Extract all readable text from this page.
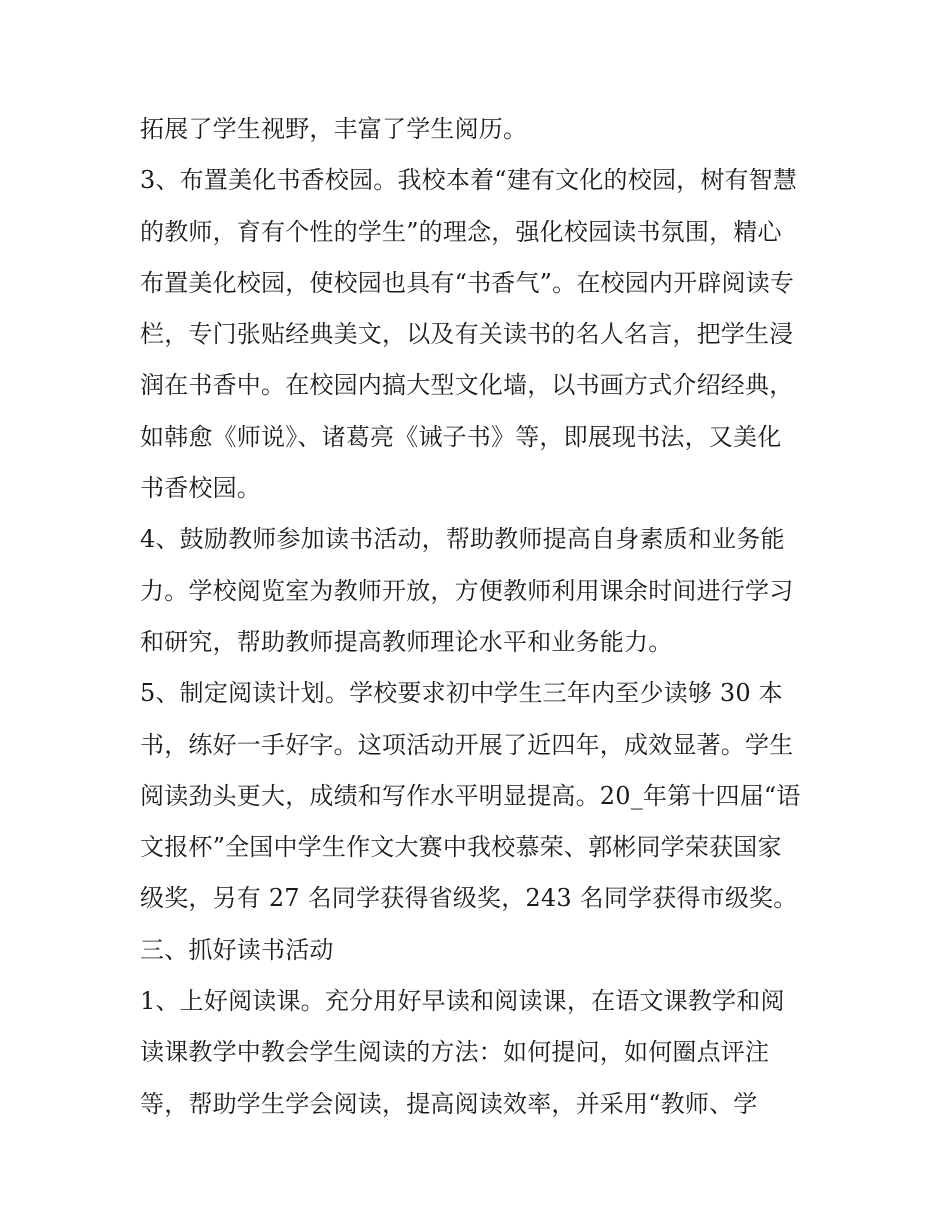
拓展了学生视野，丰富了学生阅历。
3、布置美化书香校园。我校本着“建有文化的校园，树有智慧
的教师，育有个性的学生”的理念，强化校园读书氛围，精心
布置美化校园，使校园也具有“书香气”。在校园内开辟阅读专
栏，专门张贴经典美文，以及有关读书的名人名言，把学生浸
润在书香中。在校园内搞大型文化墙，以书画方式介绍经典，
如韩愈《师说》、诸葛亮《诫子书》等，即展现书法，又美化
书香校园。
4、鼓励教师参加读书活动，帮助教师提高自身素质和业务能
力。学校阅览室为教师开放，方便教师利用课余时间进行学习
和研究，帮助教师提高教师理论水平和业务能力。
5、制定阅读计划。学校要求初中学生三年内至少读够 30 本
书，练好一手好字。这项活动开展了近四年，成效显著。学生
阅读劲头更大，成绩和写作水平明显提高。20_年第十四届“语
文报杯”全国中学生作文大赛中我校慕荣、郭彬同学荣获国家
级奖，另有 27 名同学获得省级奖，243 名同学获得市级奖。
三、抓好读书活动
1、上好阅读课。充分用好早读和阅读课，在语文课教学和阅
读课教学中教会学生阅读的方法：如何提问，如何圈点评注
等，帮助学生学会阅读，提高阅读效率，并采用“教师、学
